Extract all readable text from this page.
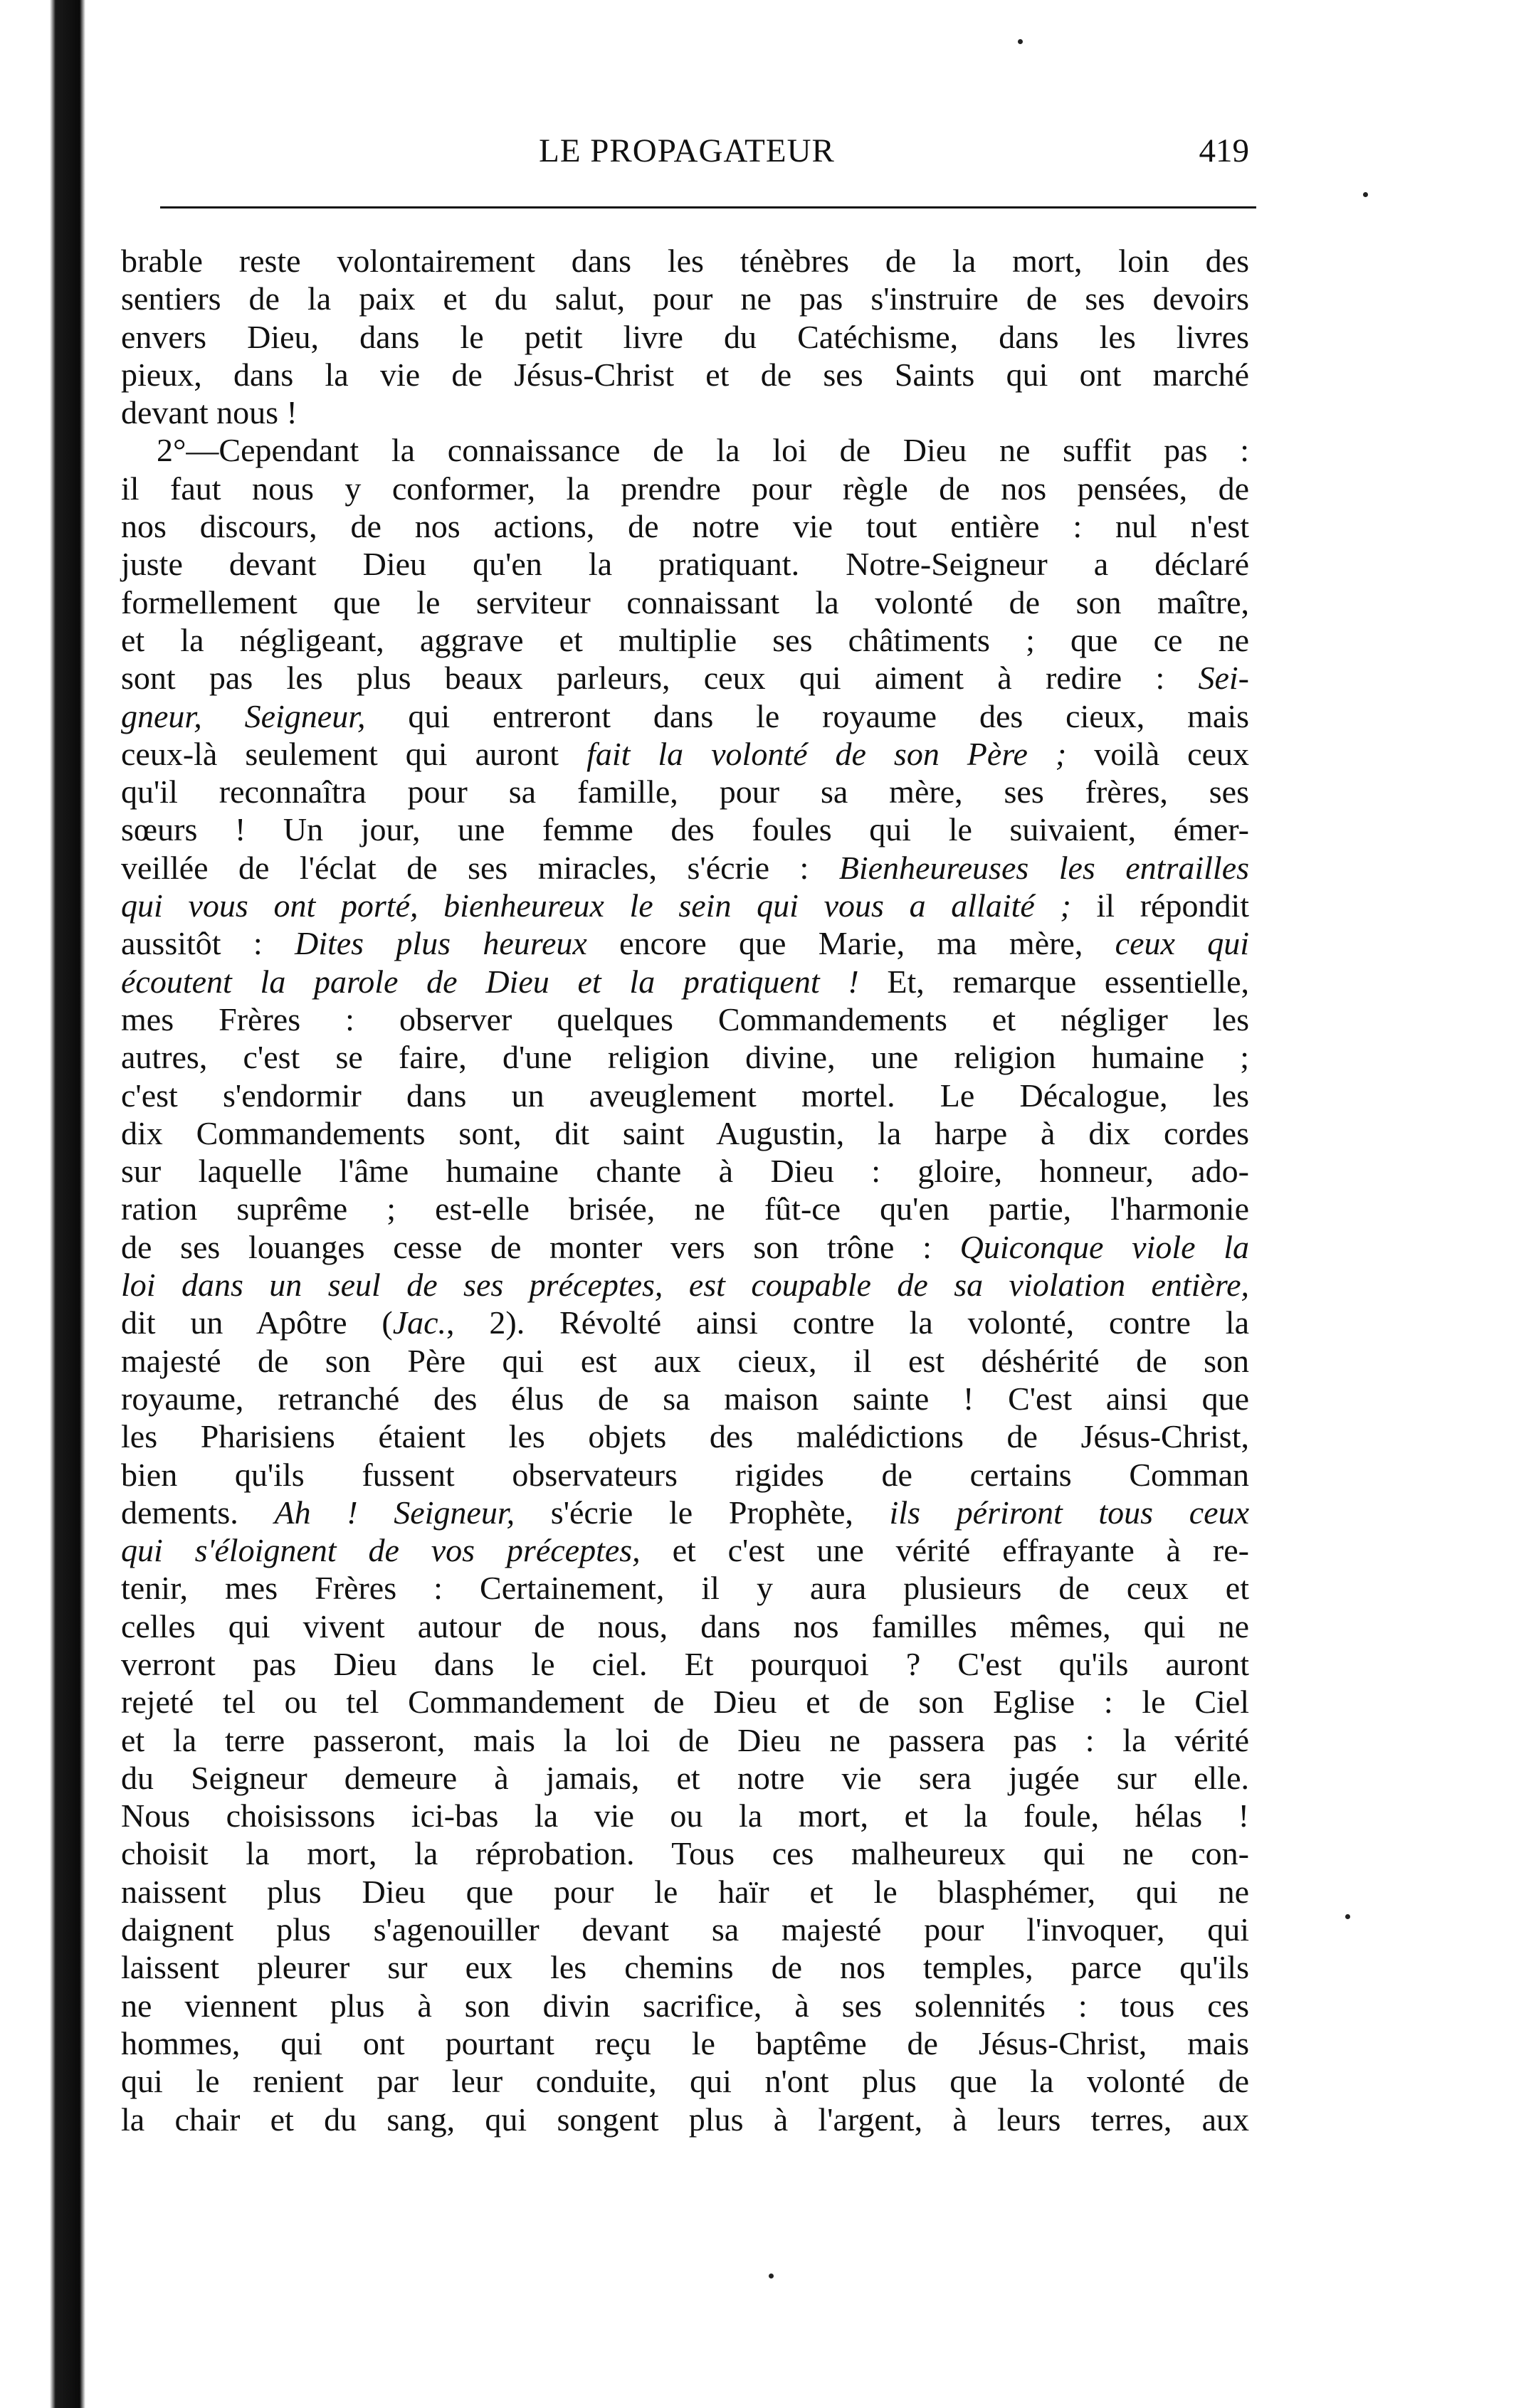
LE PROPAGATEUR	419
brable reste volontairement dans les ténèbres de la mort, loin des
sentiers de la paix et du salut, pour ne pas s'instruire de ses devoirs
envers Dieu, dans le petit livre du Catéchisme, dans les livres
pieux, dans la vie de Jésus-Christ et de ses Saints qui ont marché
devant nous !
2°—Cependant la connaissance de la loi de Dieu ne suffit pas :
il faut nous y conformer, la prendre pour règle de nos pensées, de
nos discours, de nos actions, de notre vie tout entière : nul n'est
juste devant Dieu qu'en la pratiquant. Notre-Seigneur a déclaré
formellement que le serviteur connaissant la volonté de son maître,
et la négligeant, aggrave et multiplie ses châtiments ; que ce ne
sont pas les plus beaux parleurs, ceux qui aiment à redire : Sei-
gneur, Seigneur, qui entreront dans le royaume des cieux, mais
ceux-là seulement qui auront fait la volonté de son Père ; voilà ceux
qu'il reconnaîtra pour sa famille, pour sa mère, ses frères, ses
sœurs ! Un jour, une femme des foules qui le suivaient, émer-
veillée de l'éclat de ses miracles, s'écrie : Bienheureuses les entrailles
qui vous ont porté, bienheureux le sein qui vous a allaité ; il répondit
aussitôt : Dites plus heureux encore que Marie, ma mère, ceux qui
écoutent la parole de Dieu et la pratiquent ! Et, remarque essentielle,
mes Frères : observer quelques Commandements et négliger les
autres, c'est se faire, d'une religion divine, une religion humaine ;
c'est s'endormir dans un aveuglement mortel. Le Décalogue, les
dix Commandements sont, dit saint Augustin, la harpe à dix cordes
sur laquelle l'âme humaine chante à Dieu : gloire, honneur, ado-
ration suprême ; est-elle brisée, ne fût-ce qu'en partie, l'harmonie
de ses louanges cesse de monter vers son trône : Quiconque viole la
loi dans un seul de ses préceptes, est coupable de sa violation entière,
dit un Apôtre (Jac., 2). Révolté ainsi contre la volonté, contre la
majesté de son Père qui est aux cieux, il est déshérité de son
royaume, retranché des élus de sa maison sainte ! C'est ainsi que
les Pharisiens étaient les objets des malédictions de Jésus-Christ,
bien qu'ils fussent observateurs rigides de certains Comman
dements. Ah ! Seigneur, s'écrie le Prophète, ils périront tous ceux
qui s'éloignent de vos préceptes, et c'est une vérité effrayante à re-
tenir, mes Frères : Certainement, il y aura plusieurs de ceux et
celles qui vivent autour de nous, dans nos familles mêmes, qui ne
verront pas Dieu dans le ciel. Et pourquoi ? C'est qu'ils auront
rejeté tel ou tel Commandement de Dieu et de son Eglise : le Ciel
et la terre passeront, mais la loi de Dieu ne passera pas : la vérité
du Seigneur demeure à jamais, et notre vie sera jugée sur elle.
Nous choisissons ici-bas la vie ou la mort, et la foule, hélas !
choisit la mort, la réprobation. Tous ces malheureux qui ne con-
naissent plus Dieu que pour le haïr et le blasphémer, qui ne
daignent plus s'agenouiller devant sa majesté pour l'invoquer, qui
laissent pleurer sur eux les chemins de nos temples, parce qu'ils
ne viennent plus à son divin sacrifice, à ses solennités : tous ces
hommes, qui ont pourtant reçu le baptême de Jésus-Christ, mais
qui le renient par leur conduite, qui n'ont plus que la volonté de
la chair et du sang, qui songent plus à l'argent, à leurs terres, aux
